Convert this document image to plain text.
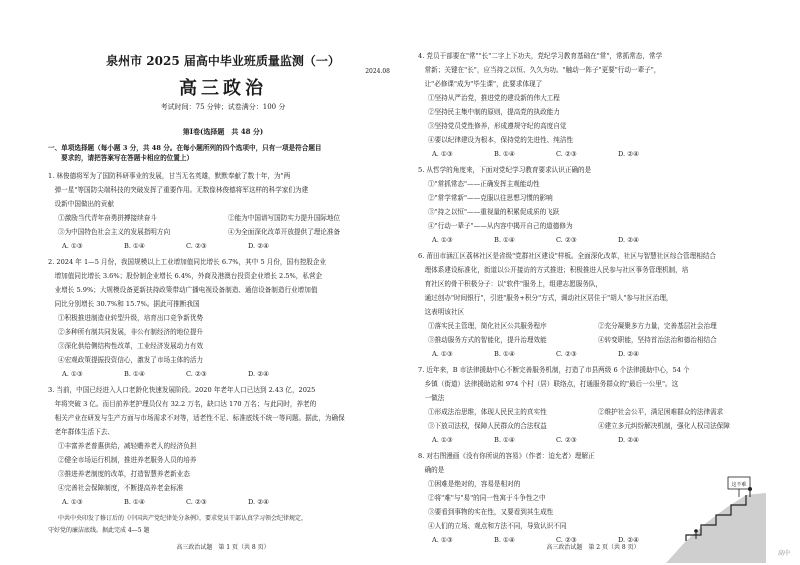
泉州市 2025 届高中毕业班质量监测（一）
2024.08
高三政治
考试时间：75 分钟；试卷满分：100 分
第Ⅰ卷(选择题　共 48 分)
一、单项选择题（每小题 3 分，共 48 分。在每小题所列的四个选项中，只有一项是符合题目
　　要求的，请把答案写在答题卡相应的位置上）
1. 林俊德将军为了国防科研事业的发展，甘当无名英雄，默默奉献了数十年，为"两
　弹一星"等国防尖端科技的突破发挥了重要作用。无数像林俊德将军这样的科学家们为建
　设新中国做出的贡献
①激励当代青年奋勇拼搏接续奋斗	②能为中国谱写国防实力提升国际地位
③为中国特色社会主义的发展指明方向	④为全面深化改革开放提供了理论准备
A. ①③	B. ①④	C. ②③	D. ②④
2. 2024 年 1—5 月份，我国规模以上工业增加值同比增长 6.7%，其中 5 月份，国有控股企业
　增加值同比增长 3.6%；股份制企业增长 6.4%，外商及港澳台投资企业增长 2.5%，私营企
　业增长 5.9%；大规模设备更新扶持政策带动广播电视设备制造、通信设备制造行业增加值
　同比分别增长 30.7%和 15.7%。据此可推断我国
①积极推进制造业转型升级，培育出口竞争新优势
②多种所有制共同发展，非公有制经济的地位提升
③深化供给侧结构性改革，工业经济发展动力有效
④宏观政策提振投资信心，激发了市场主体的活力
A. ①③	B. ①④	C. ②③	D. ②④
3. 当前，中国已经进入人口老龄化快速发展阶段。2020 年老年人口已达到 2.43 亿，2025
　年将突破 3 亿。而目前养老护理员仅有 32.2 万名，缺口达 170 万名；与此同时，养老的
　相关产业在研发与生产方面与市场需求不对等，适老性不足、标准底线不统一等问题。据此，为确保
　老年群体生活下去、
①丰富养老普惠供给，减轻赡养老人的经济负担
②健全市场运行机制，推进养老服务人员的培养
③推进养老制度的改革，打造智慧养老新业态
④完善社会保障制度，不断提高养老金标准
A. ①③	B. ①④	C. ②③	D. ②④
中共中央印发了修订后的《中国共产党纪律处分条例》，要求党员干部认真学习领会纪律规定，
守好党的廉洁底线。据此完成 4—5 题
高三政治试题　第 1 页（共 8 页）
4. 党员干部要在"常""长"二字上下功夫，党纪学习教育基础在"常"，常抓常态，常学
　常新；关键在"长"，应当持之以恒、久久为功。"触动一阵子"更要"行动一辈子"，
　让"必修课"成为"毕生课"，此要求体现了
①坚持从严治党，推进党的建设新的伟大工程
②坚持民主集中制的原则，提高党的执政能力
③坚持党员党性修养，形成遵规守纪的高度自觉
④要以纪律建设为根本，保持党的先进性、纯洁性
A. ①③	B. ①④	C. ②③	D. ②④
5. 从哲学的角度来，下面对党纪学习教育要求认识正确的是
①"常抓常态"——正确发挥主观能动性
②"常学常新"——克服以往思想习惯的影响
③"持之以恒"——重视量的积累促成质的飞跃
④"行动一辈子"——从内容中揭开自己的道德修为
A. ①③	B. ①④	C. ②③	D. ②④
6. 莆田市涵江区荔林社区是省级"党群社区建设"样板。全面深化改革，社区与智慧社区综合管理相结合
　理体系建设标准化，街道以公开接访的方式推进；积极推进人民参与社区事务管理机制，培
　育社区的骨干积极分子：以"软件"服务上，组建志愿服务队，
　通过创办"时间银行"，引进"服务+积分"方式，调动社区居住于"胡人"参与社区治理，
　这表明该社区
①落实民主管理，简化社区公共服务程序	②充分凝聚多方力量，完善基层社会治理
③推动服务方式的智能化，提升治理效能	④转变职能，坚持首治法治和德治相结合
A. ①③	B. ①④	C. ②③	D. ②④
7. 近年来，B 市法律援助中心不断完善服务机制，打造了市县两级 6 个法律援助中心，54 个
　乡镇（街道）法律援助站和 974 个村（居）联络点，打通服务群众的"最后一公里"。这
　一做法
①形成法治思维，体现人民民主的真实性	②维护社会公平，满足困难群众的法律需求
③下放司法权，保障人民群众的合法权益	④建立多元纠纷解决机制，强化人权司法保障
A. ①③	B. ①④	C. ②③	D. ②④
8. 对右图漫画《没有你所说的容易》（作者：迫允者）理解正
　确的是
①困难是绝对的，容易是相对的
②将"难"与"易"的同一性寓于斗争性之中
③要看到事物的实在性，又要看到其生成性
④人们的立场、观点和方法不同，导致认识不同
A. ①③	B. ①④	C. ②③	D. ②④
这不难
高三政治试题　第 2 页（共 8 页）
高中
